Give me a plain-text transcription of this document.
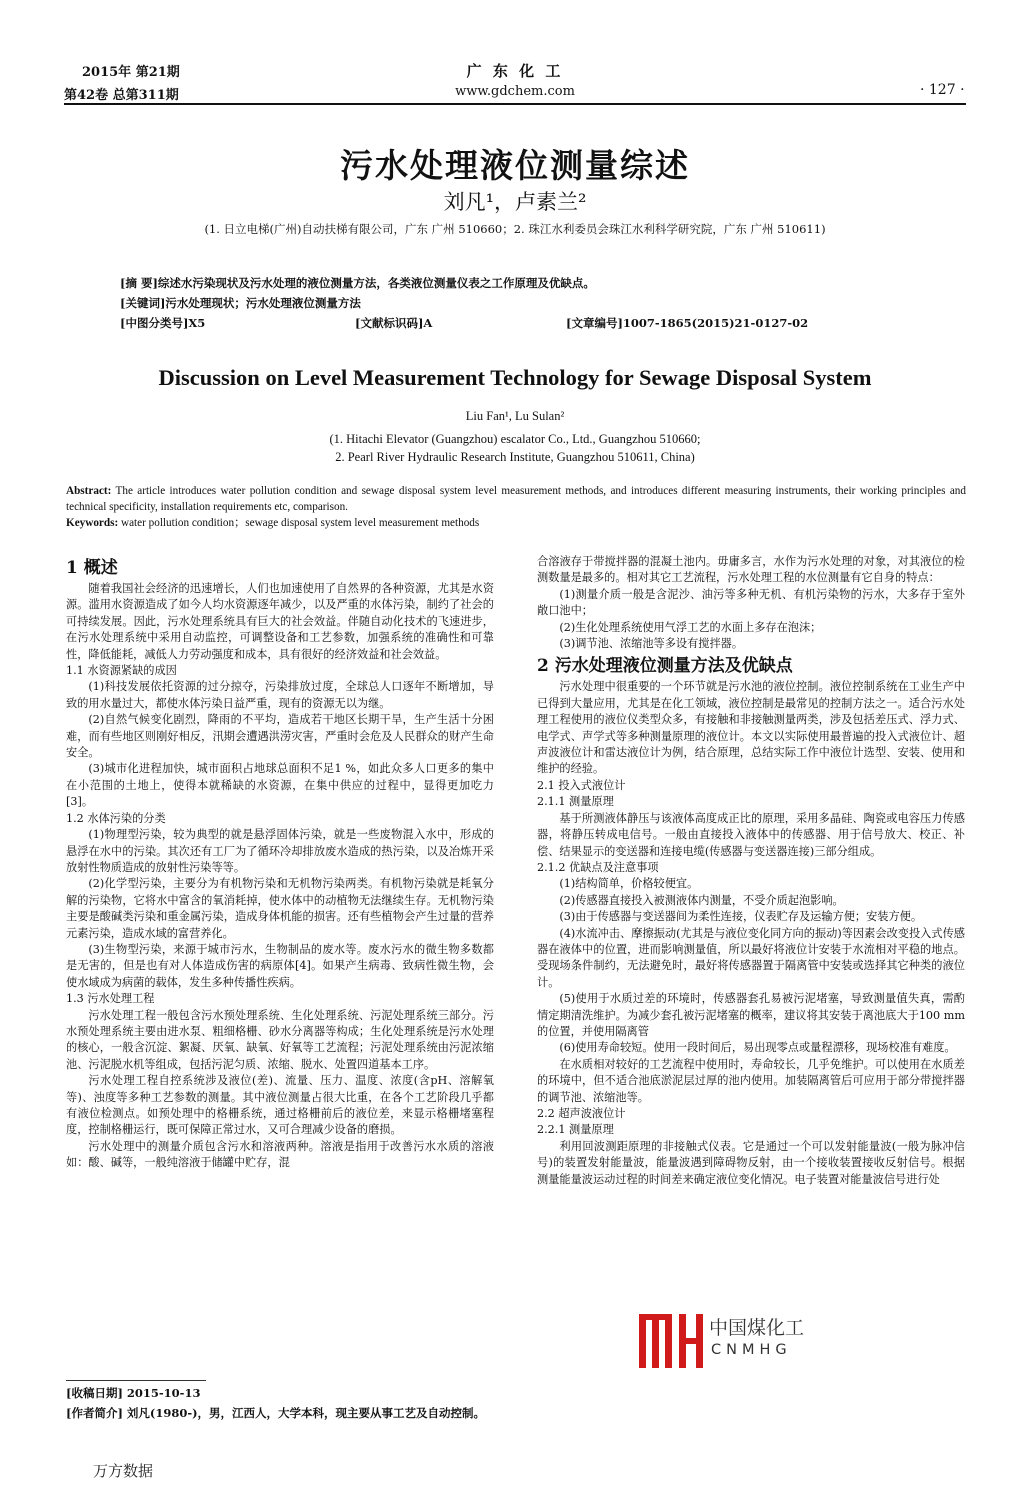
2015年 第21期
第42卷 总第311期
广 东 化 工
www.gdchem.com	· 127 ·
污水处理液位测量综述
刘凡¹，卢素兰²
(1. 日立电梯(广州)自动扶梯有限公司，广东 广州 510660；2. 珠江水利委员会珠江水利科学研究院，广东 广州 510611)
[摘 要]综述水污染现状及污水处理的液位测量方法，各类液位测量仪表之工作原理及优缺点。
[关键词]污水处理现状；污水处理液位测量方法
[中图分类号]X5	[文献标识码]A	[文章编号]1007-1865(2015)21-0127-02
Discussion on Level Measurement Technology for Sewage Disposal System
Liu Fan¹, Lu Sulan²
(1. Hitachi Elevator (Guangzhou) escalator Co., Ltd., Guangzhou 510660;
2. Pearl River Hydraulic Research Institute, Guangzhou 510611, China)
Abstract: The article introduces water pollution condition and sewage disposal system level measurement methods, and introduces different measuring instruments, their working principles and technical specificity, installation requirements etc, comparison.
Keywords: water pollution condition；sewage disposal system level measurement methods
1 概述

随着我国社会经济的迅速增长，人们也加速使用了自然界的各种资源，尤其是水资源。滥用水资源造成了如今人均水资源逐年减少，以及严重的水体污染，制约了社会的可持续发展。因此，污水处理系统具有巨大的社会效益。伴随自动化技术的飞速进步，在污水处理系统中采用自动监控，可调整设备和工艺参数，加强系统的准确性和可靠性，降低能耗，减低人力劳动强度和成本，具有很好的经济效益和社会效益。

1.1 水资源紧缺的成因

(1)科技发展依托资源的过分掠夺，污染排放过度，全球总人口逐年不断增加，导致的用水量过大，都使水体污染日益严重，现有的资源无以为继。

(2)自然气候变化剧烈，降雨的不平均，造成若干地区长期干旱，生产生活十分困难，而有些地区则刚好相反，汛期会遭遇洪涝灾害，严重时会危及人民群众的财产生命安全。

(3)城市化进程加快，城市面积占地球总面积不足1 %，如此众多人口更多的集中在小范围的土地上，使得本就稀缺的水资源，在集中供应的过程中，显得更加吃力[3]。

1.2 水体污染的分类

(1)物理型污染，较为典型的就是悬浮固体污染，就是一些废物混入水中，形成的悬浮在水中的污染。其次还有工厂为了循环冷却排放废水造成的热污染，以及冶炼开采放射性物质造成的放射性污染等等。

(2)化学型污染，主要分为有机物污染和无机物污染两类。有机物污染就是耗氧分解的污染物，它将水中富含的氧消耗掉，使水体中的动植物无法继续生存。无机物污染主要是酸碱类污染和重金属污染，造成身体机能的损害。还有些植物会产生过量的营养元素污染，造成水域的富营养化。

(3)生物型污染，来源于城市污水，生物制品的废水等。废水污水的微生物多数都是无害的，但是也有对人体造成伤害的病原体[4]。如果产生病毒、致病性微生物，会使水域成为病菌的载体，发生多种传播性疾病。

1.3 污水处理工程

污水处理工程一般包含污水预处理系统、生化处理系统、污泥处理系统三部分。污水预处理系统主要由进水泵、粗细格栅、砂水分离器等构成；生化处理系统是污水处理的核心，一般含沉淀、絮凝、厌氧、缺氧、好氧等工艺流程；污泥处理系统由污泥浓缩池、污泥脱水机等组成，包括污泥匀质、浓缩、脱水、处置四道基本工序。

污水处理工程自控系统涉及液位(差)、流量、压力、温度、浓度(含pH、溶解氧等)、浊度等多种工艺参数的测量。其中液位测量占很大比重，在各个工艺阶段几乎都有液位检测点。如预处理中的格栅系统，通过格栅前后的液位差，来显示格栅堵塞程度，控制格栅运行，既可保障正常过水，又可合理减少设备的磨损。

污水处理中的测量介质包含污水和溶液两种。溶液是指用于改善污水水质的溶液如：酸、碱等，一般纯溶液于储罐中贮存，混

合溶液存于带搅拌器的混凝土池内。毋庸多言，水作为污水处理的对象，对其液位的检测数量是最多的。相对其它工艺流程，污水处理工程的水位测量有它自身的特点：

(1)测量介质一般是含泥沙、油污等多种无机、有机污染物的污水，大多存于室外敞口池中；

(2)生化处理系统使用气浮工艺的水面上多存在泡沫；

(3)调节池、浓缩池等多设有搅拌器。

2 污水处理液位测量方法及优缺点

污水处理中很重要的一个环节就是污水池的液位控制。液位控制系统在工业生产中已得到大量应用，尤其是在化工领域，液位控制是最常见的控制方法之一。适合污水处理工程使用的液位仪类型众多，有接触和非接触测量两类，涉及包括差压式、浮力式、电学式、声学式等多种测量原理的液位计。本文以实际使用最普遍的投入式液位计、超声波液位计和雷达液位计为例，结合原理，总结实际工作中液位计选型、安装、使用和维护的经验。

2.1 投入式液位计

2.1.1 测量原理

基于所测液体静压与该液体高度成正比的原理，采用多晶硅、陶瓷或电容压力传感器，将静压转成电信号。一般由直接投入液体中的传感器、用于信号放大、校正、补偿、结果显示的变送器和连接电缆(传感器与变送器连接)三部分组成。

2.1.2 优缺点及注意事项

(1)结构简单，价格较便宜。

(2)传感器直接投入被测液体内测量，不受介质起泡影响。

(3)由于传感器与变送器间为柔性连接，仪表贮存及运输方便；安装方便。

(4)水流冲击、摩擦振动(尤其是与液位变化同方向的振动)等因素会改变投入式传感器在液体中的位置，进而影响测量值，所以最好将液位计安装于水流相对平稳的地点。受现场条件制约，无法避免时，最好将传感器置于隔离管中安装或选择其它种类的液位计。

(5)使用于水质过差的环境时，传感器套孔易被污泥堵塞，导致测量值失真，需酌情定期清洗维护。为减少套孔被污泥堵塞的概率，建议将其安装于离池底大于100 mm的位置，并使用隔离管

(6)使用寿命较短。使用一段时间后，易出现零点或量程漂移，现场校准有难度。

在水质相对较好的工艺流程中使用时，寿命较长，几乎免维护。可以使用在水质差的环境中，但不适合池底淤泥层过厚的池内使用。加装隔离管后可应用于部分带搅拌器的调节池、浓缩池等。

2.2 超声波液位计

2.2.1 测量原理

利用回波测距原理的非接触式仪表。它是通过一个可以发射能量波(一般为脉冲信号)的装置发射能量波，能量波遇到障碍物反射，由一个接收装置接收反射信号。根据测量能量波运动过程的时间差来确定液位变化情况。电子装置对能量波信号进行处

中国煤化工
CNMHG
[收稿日期] 2015-10-13
[作者简介] 刘凡(1980-)，男，江西人，大学本科，现主要从事工艺及自动控制。
万方数据
